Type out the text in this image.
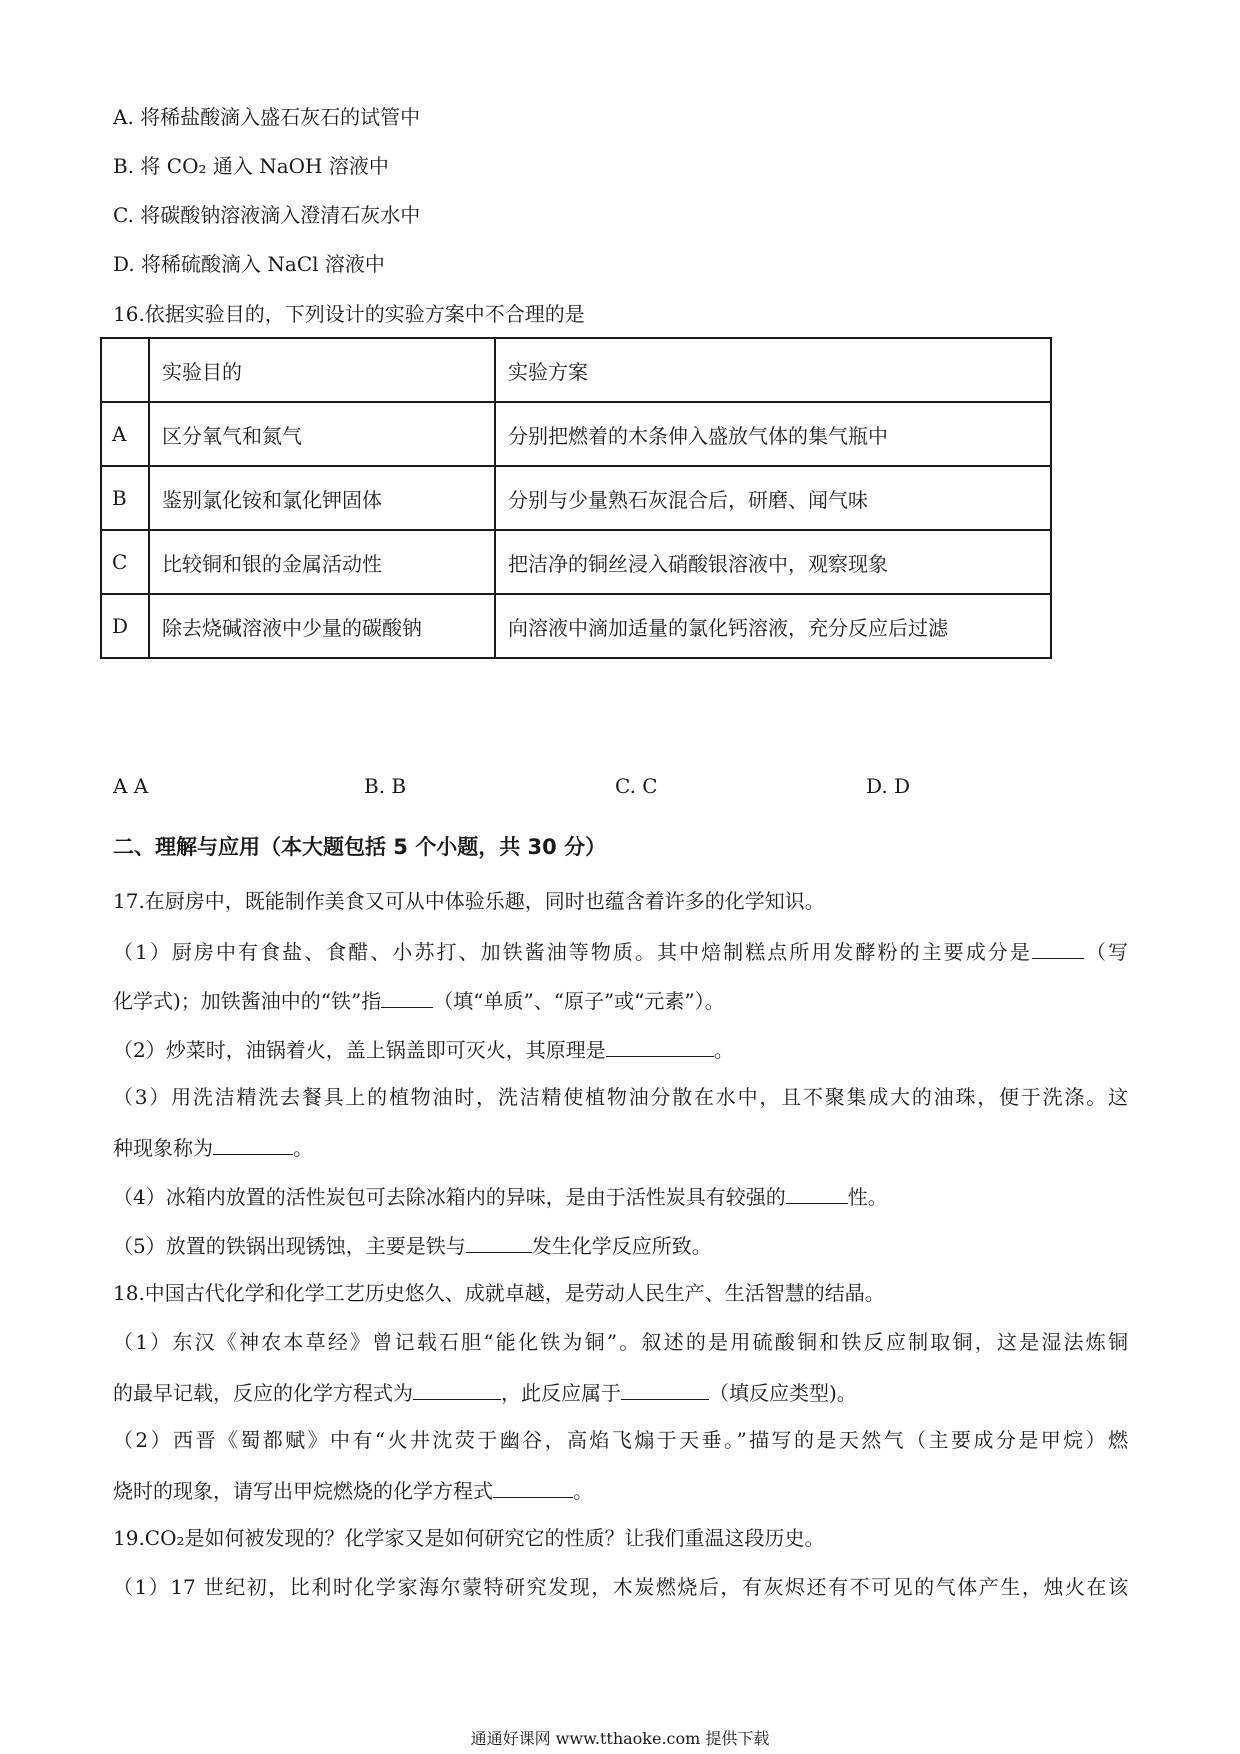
A. 将稀盐酸滴入盛石灰石的试管中
B. 将 CO₂ 通入 NaOH 溶液中
C. 将碳酸钠溶液滴入澄清石灰水中
D. 将稀硫酸滴入 NaCl 溶液中
16.依据实验目的，下列设计的实验方案中不合理的是
	实验目的	实验方案
A	区分氧气和氮气	分别把燃着的木条伸入盛放气体的集气瓶中
B	鉴别氯化铵和氯化钾固体	分别与少量熟石灰混合后，研磨、闻气味
C	比较铜和银的金属活动性	把洁净的铜丝浸入硝酸银溶液中，观察现象
D	除去烧碱溶液中少量的碳酸钠	向溶液中滴加适量的氯化钙溶液，充分反应后过滤
A A	B. B	C. C	D. D
二、理解与应用（本大题包括 5 个小题，共 30 分）
17.在厨房中，既能制作美食又可从中体验乐趣，同时也蕴含着许多的化学知识。
（1）厨房中有食盐、食醋、小苏打、加铁酱油等物质。其中焙制糕点所用发酵粉的主要成分是	（写
化学式)；加铁酱油中的“铁”指	（填“单质”、“原子”或“元素”）。
（2）炒菜时，油锅着火，盖上锅盖即可灭火，其原理是	。
（3）用洗洁精洗去餐具上的植物油时，洗洁精使植物油分散在水中，且不聚集成大的油珠，便于洗涤。这
种现象称为	。
（4）冰箱内放置的活性炭包可去除冰箱内的异味，是由于活性炭具有较强的	性。
（5）放置的铁锅出现锈蚀，主要是铁与	发生化学反应所致。
18.中国古代化学和化学工艺历史悠久、成就卓越，是劳动人民生产、生活智慧的结晶。
（1）东汉《神农本草经》曾记载石胆“能化铁为铜”。叙述的是用硫酸铜和铁反应制取铜，这是湿法炼铜
的最早记载，反应的化学方程式为	，此反应属于	（填反应类型)。
（2）西晋《蜀都赋》中有“火井沈荧于幽谷，高焰飞煽于天垂。”描写的是天然气（主要成分是甲烷）燃
烧时的现象，请写出甲烷燃烧的化学方程式	。
19.CO₂是如何被发现的？化学家又是如何研究它的性质？让我们重温这段历史。
（1）17 世纪初，比利时化学家海尔蒙特研究发现，木炭燃烧后，有灰烬还有不可见的气体产生，烛火在该
通通好课网 www.tthaoke.com 提供下载
